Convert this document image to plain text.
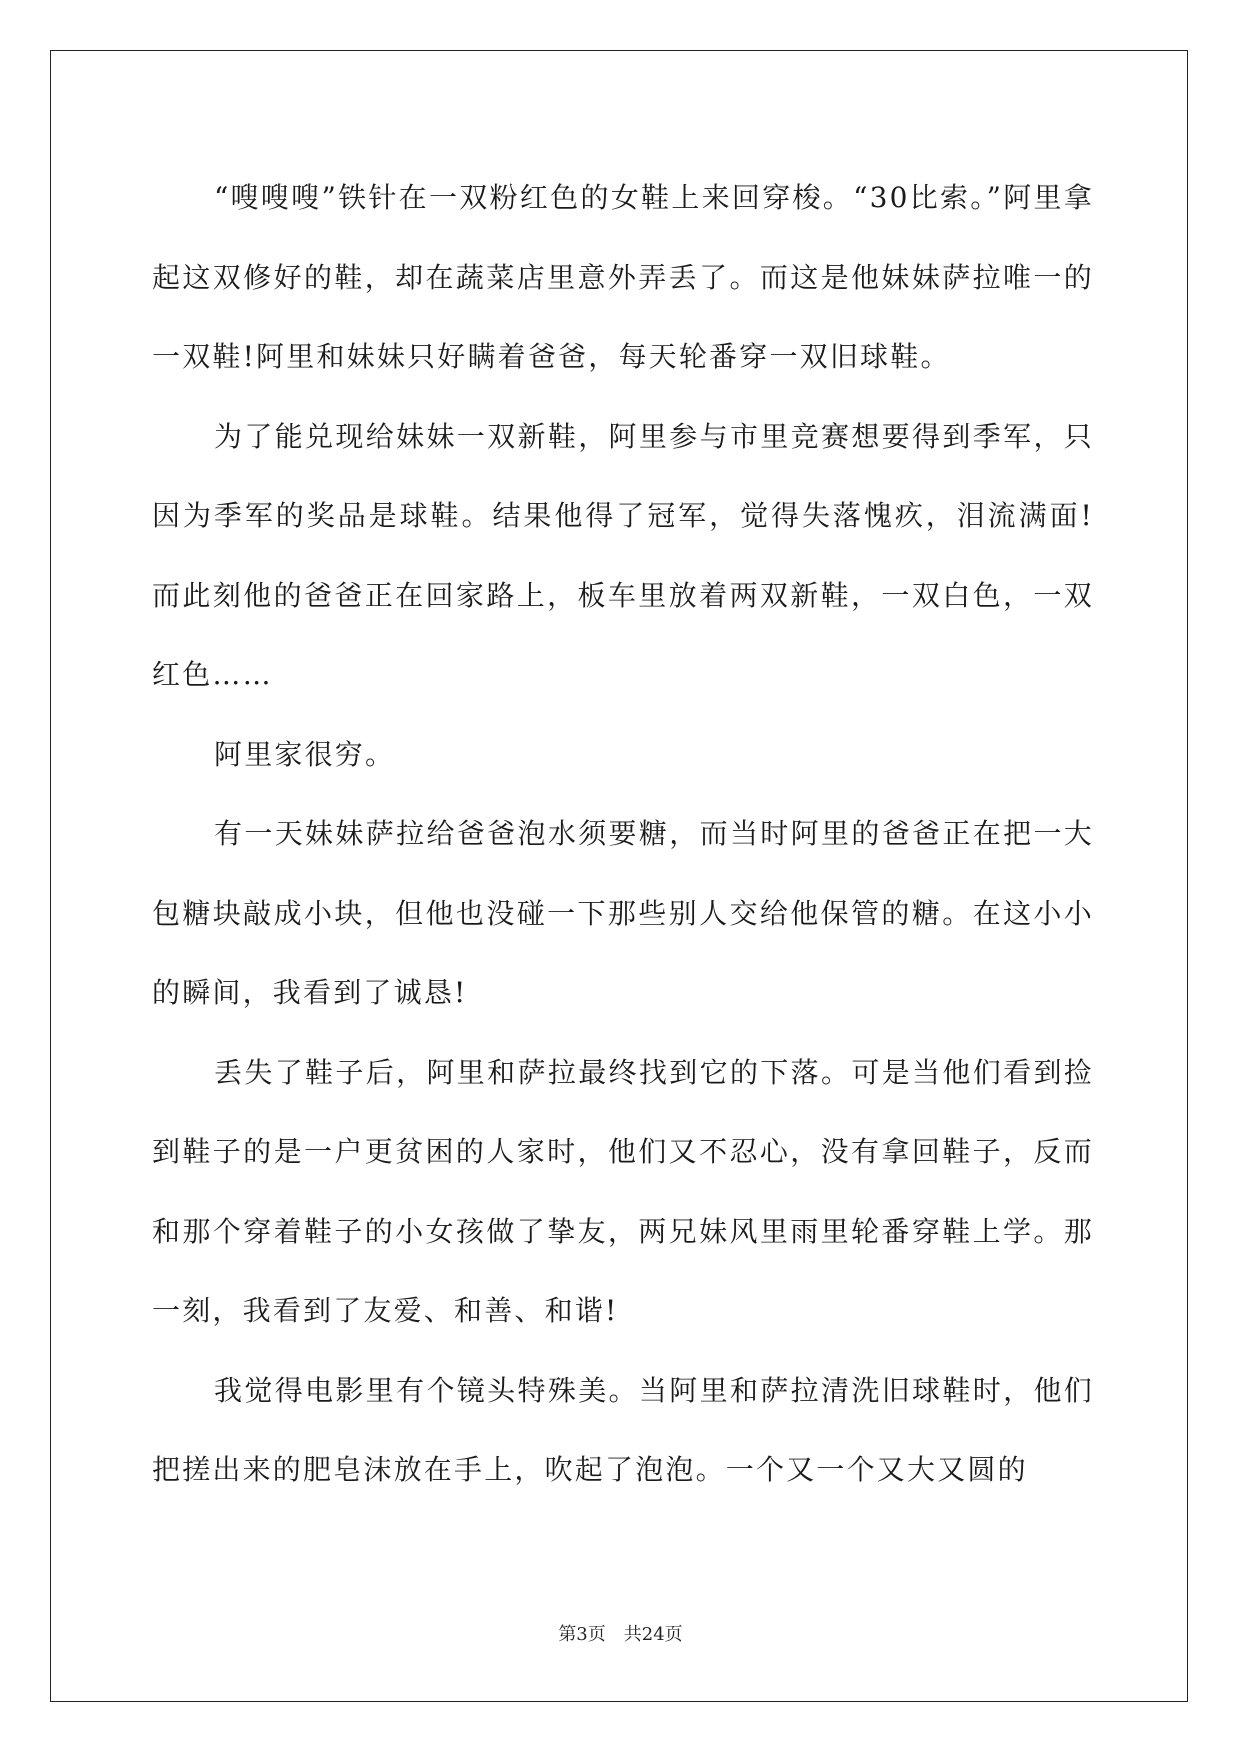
“嗖嗖嗖”铁针在一双粉红色的女鞋上来回穿梭。“30比索。”阿里拿起这双修好的鞋，却在蔬菜店里意外弄丢了。而这是他妹妹萨拉唯一的一双鞋!阿里和妹妹只好瞒着爸爸，每天轮番穿一双旧球鞋。

为了能兑现给妹妹一双新鞋，阿里参与市里竞赛想要得到季军，只因为季军的奖品是球鞋。结果他得了冠军，觉得失落愧疚，泪流满面!而此刻他的爸爸正在回家路上，板车里放着两双新鞋，一双白色，一双红色……

阿里家很穷。

有一天妹妹萨拉给爸爸泡水须要糖，而当时阿里的爸爸正在把一大包糖块敲成小块，但他也没碰一下那些别人交给他保管的糖。在这小小的瞬间，我看到了诚恳!

丢失了鞋子后，阿里和萨拉最终找到它的下落。可是当他们看到捡到鞋子的是一户更贫困的人家时，他们又不忍心，没有拿回鞋子，反而和那个穿着鞋子的小女孩做了挚友，两兄妹风里雨里轮番穿鞋上学。那一刻，我看到了友爱、和善、和谐!

我觉得电影里有个镜头特殊美。当阿里和萨拉清洗旧球鞋时，他们把搓出来的肥皂沫放在手上，吹起了泡泡。一个又一个又大又圆的

第3页 共24页
